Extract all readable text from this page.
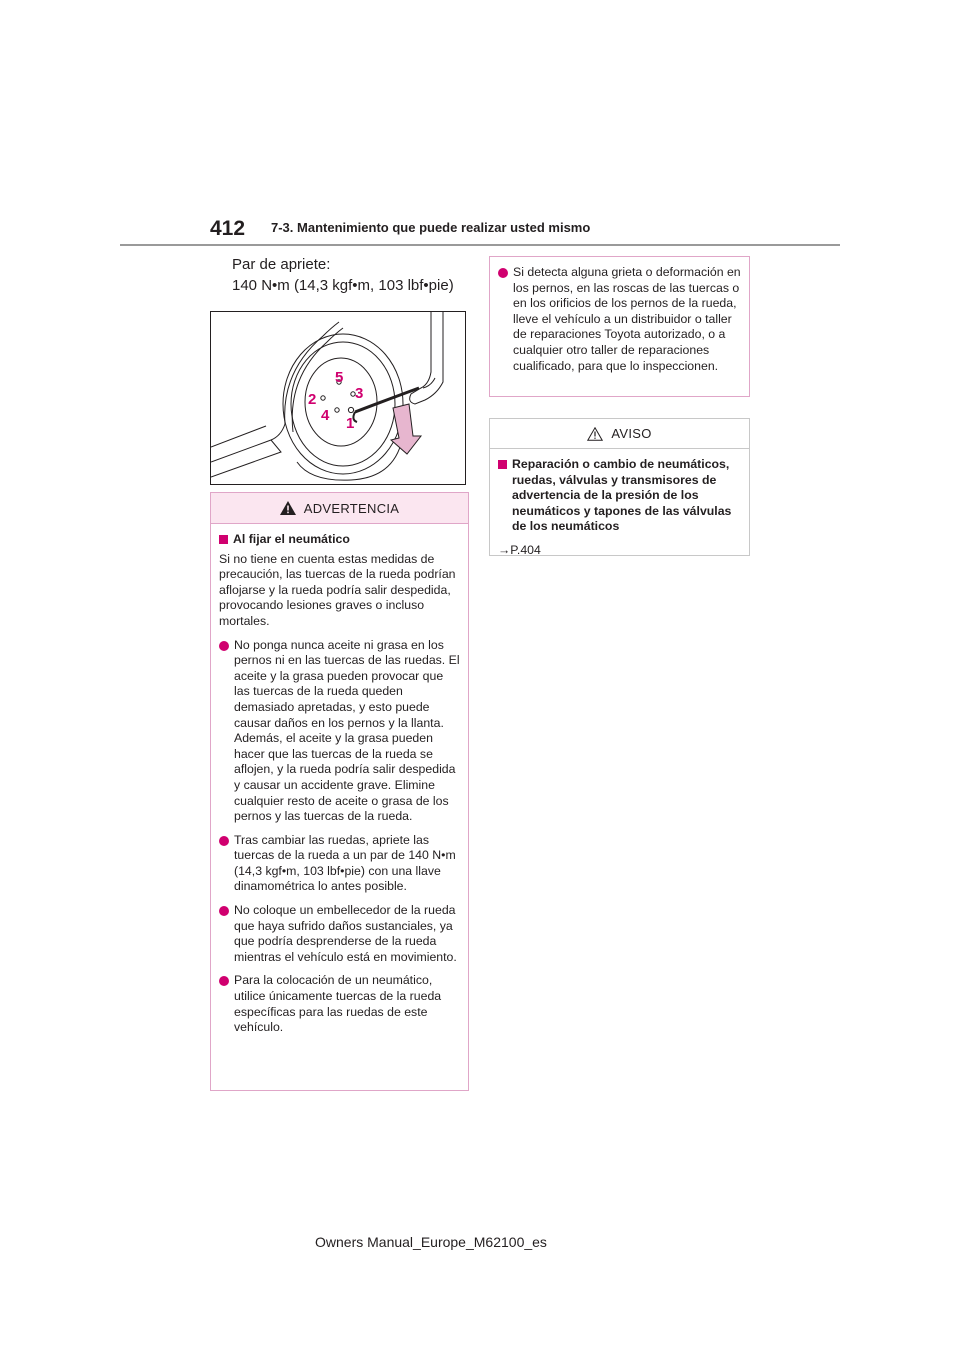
412 7-3. Mantenimiento que puede realizar usted mismo
Par de apriete:
140 N•m (14,3 kgf•m, 103 lbf•pie)
1
2	3
4
5
ADVERTENCIA
Al fijar el neumático
Si no tiene en cuenta estas medidas de precaución, las tuercas de la rueda podrían aflojarse y la rueda podría salir despedida, provocando lesiones graves o incluso mortales.
No ponga nunca aceite ni grasa en los pernos ni en las tuercas de las ruedas. El aceite y la grasa pueden provocar que las tuercas de la rueda queden demasiado apretadas, y esto puede causar daños en los pernos y la llanta. Además, el aceite y la grasa pueden hacer que las tuercas de la rueda se aflojen, y la rueda podría salir despedida y causar un accidente grave. Elimine cualquier resto de aceite o grasa de los pernos y las tuercas de la rueda.
Tras cambiar las ruedas, apriete las tuercas de la rueda a un par de 140 N•m (14,3 kgf•m, 103 lbf•pie) con una llave dinamométrica lo antes posible.
No coloque un embellecedor de la rueda que haya sufrido daños sustanciales, ya que podría desprenderse de la rueda mientras el vehículo está en movimiento.
Para la colocación de un neumático, utilice únicamente tuercas de la rueda específicas para las ruedas de este vehículo.
Si detecta alguna grieta o deformación en los pernos, en las roscas de las tuercas o en los orificios de los pernos de la rueda, lleve el vehículo a un distribuidor o taller de reparaciones Toyota autorizado, o a cualquier otro taller de reparaciones cualificado, para que lo inspeccionen.
AVISO
Reparación o cambio de neumáticos, ruedas, válvulas y transmisores de advertencia de la presión de los neumáticos y tapones de las válvulas de los neumáticos
→P.404
Owners Manual_Europe_M62100_es
